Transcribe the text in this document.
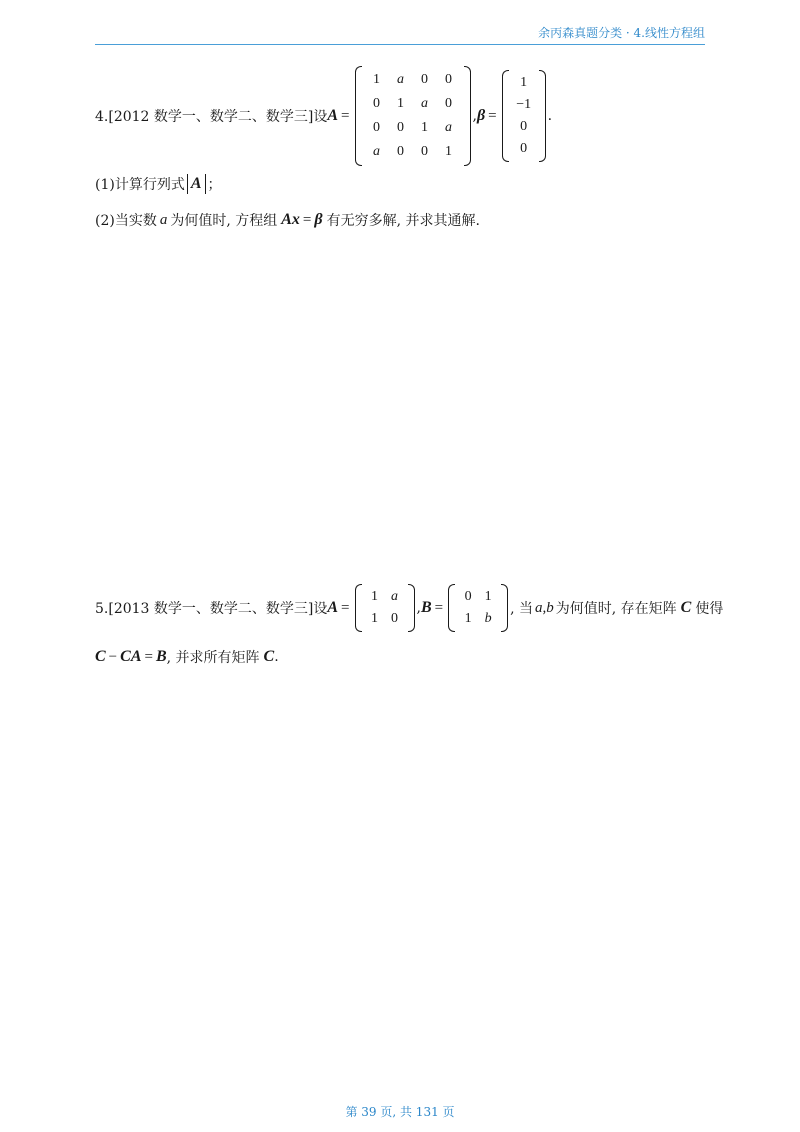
余丙森真题分类 · 4.线性方程组
4.[2012 数学一、数学二、数学三]设 A =
1	a	0	0
0	1	a	0
0	0	1	a
a	0	0	1
, β =
1
−1
0
0
.
(1)计算行列式 A ；
(2)当实数 a 为何值时, 方程组 Ax = β 有无穷多解, 并求其通解.
5.[2013 数学一、数学二、数学三]设 A =
1 a
1 0
, B =
0 1
1 b
, 当 a,b 为何值时, 存在矩阵 C 使得
C − CA = B , 并求所有矩阵 C .
第 39 页, 共 131 页
